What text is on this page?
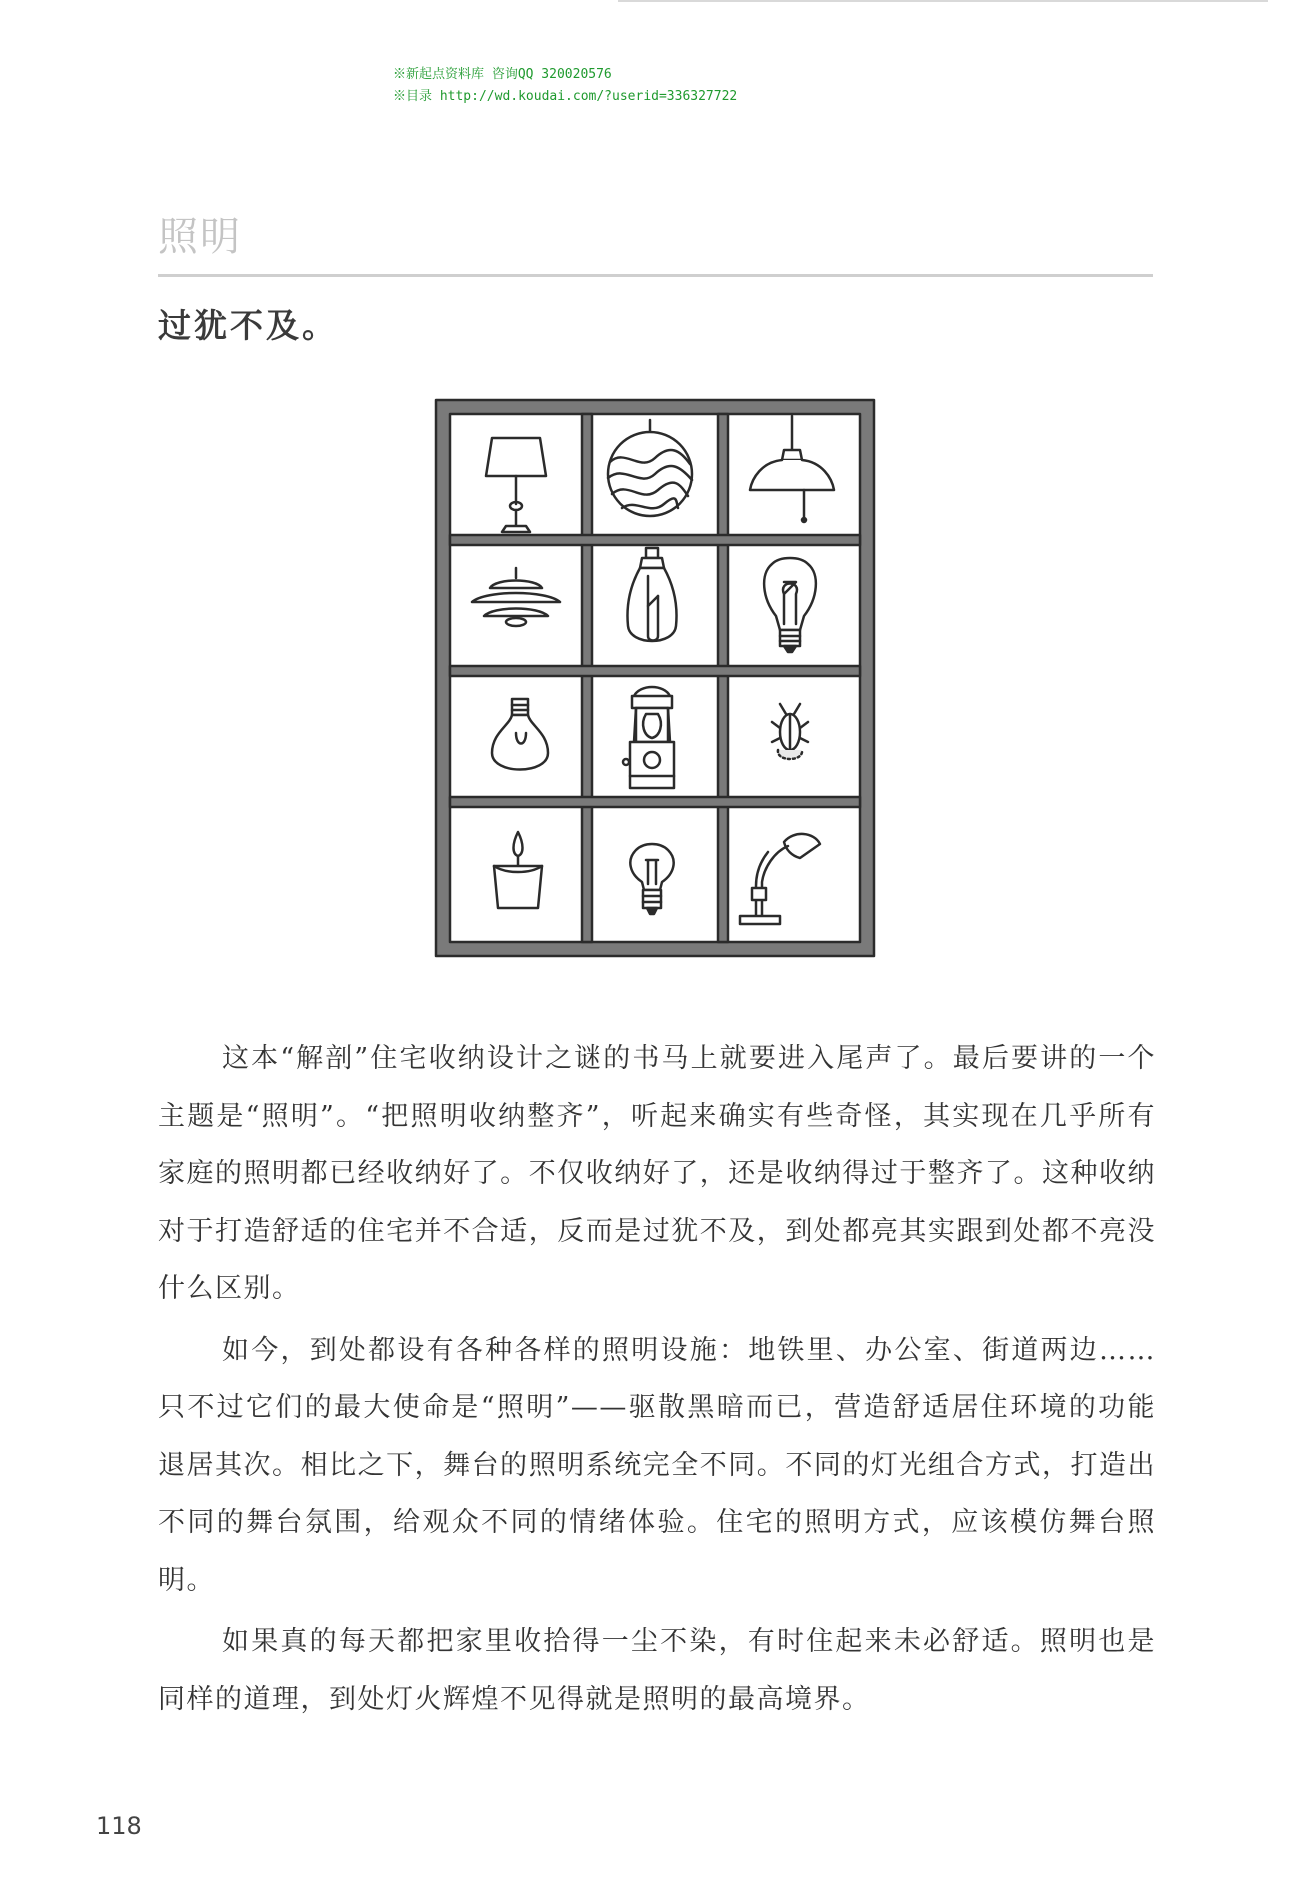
※新起点资料库 咨询QQ 320020576
※目录 http://wd.koudai.com/?userid=336327722
照明
过犹不及。

这本“解剖”住宅收纳设计之谜的书马上就要进入尾声了。最后要讲的一个主题是“照明”。“把照明收纳整齐”，听起来确实有些奇怪，其实现在几乎所有家庭的照明都已经收纳好了。不仅收纳好了，还是收纳得过于整齐了。这种收纳对于打造舒适的住宅并不合适，反而是过犹不及，到处都亮其实跟到处都不亮没什么区别。

如今，到处都设有各种各样的照明设施：地铁里、办公室、街道两边……只不过它们的最大使命是“照明”——驱散黑暗而已，营造舒适居住环境的功能退居其次。相比之下，舞台的照明系统完全不同。不同的灯光组合方式，打造出不同的舞台氛围，给观众不同的情绪体验。住宅的照明方式，应该模仿舞台照明。

如果真的每天都把家里收拾得一尘不染，有时住起来未必舒适。照明也是同样的道理，到处灯火辉煌不见得就是照明的最高境界。

118
